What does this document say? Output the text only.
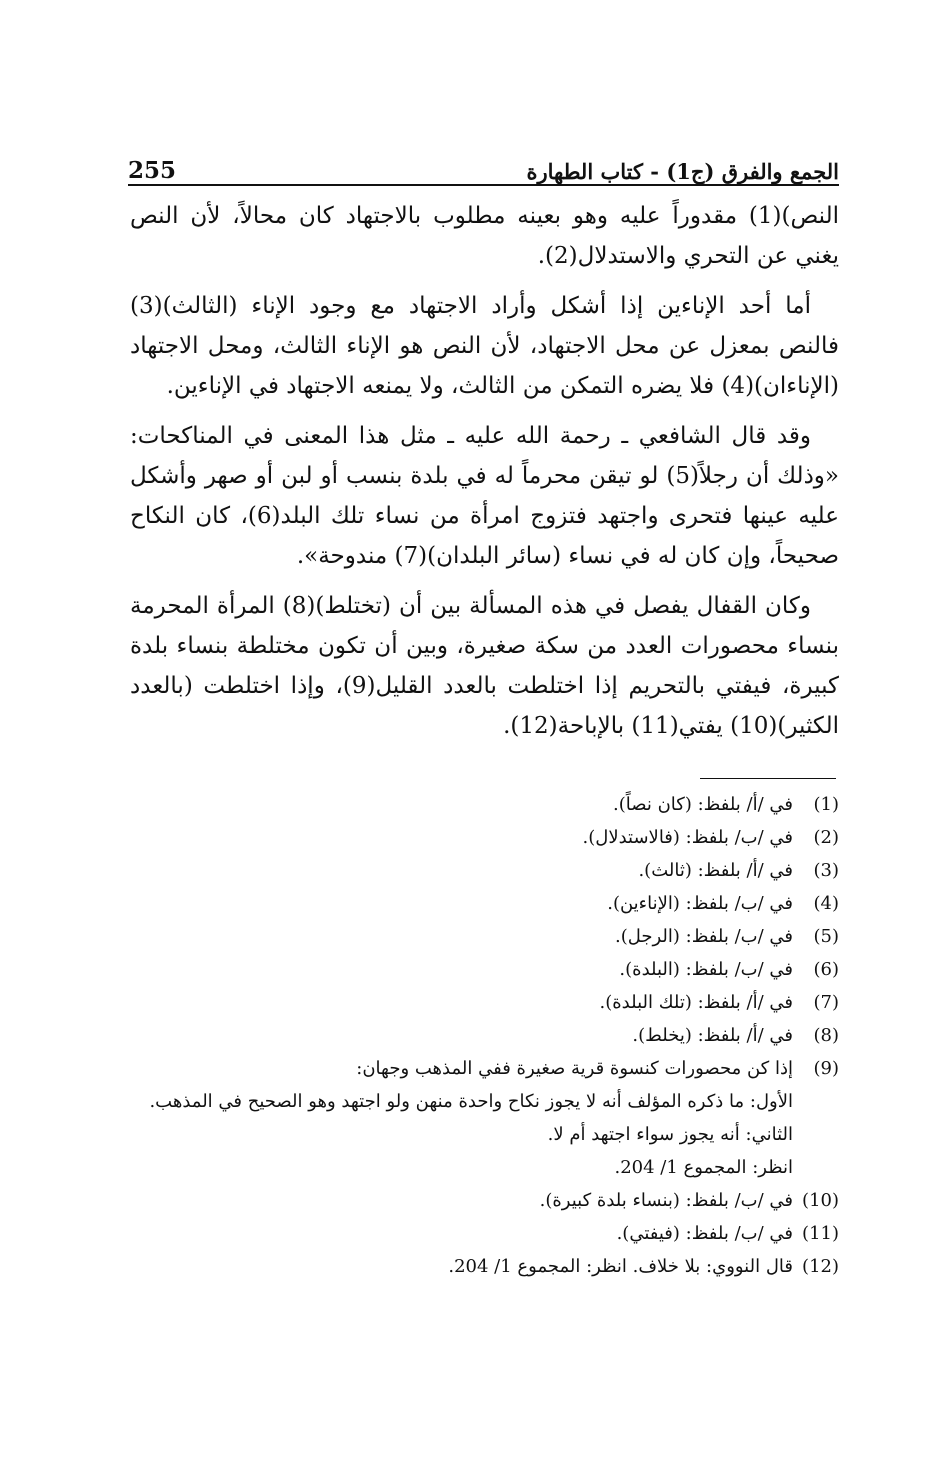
255	الجمع والفرق (ج1) - كتاب الطهارة

النص)(1) مقدوراً عليه وهو بعينه مطلوب بالاجتهاد كان محالاً، لأن النص يغني عن التحري والاستدلال(2).

أما أحد الإناءين إذا أشكل وأراد الاجتهاد مع وجود الإناء (الثالث)(3) فالنص بمعزل عن محل الاجتهاد، لأن النص هو الإناء الثالث، ومحل الاجتهاد (الإناءان)(4) فلا يضره التمكن من الثالث، ولا يمنعه الاجتهاد في الإناءين.

وقد قال الشافعي ـ رحمة الله عليه ـ مثل هذا المعنى في المناكحات: «وذلك أن رجلاً(5) لو تيقن محرماً له في بلدة بنسب أو لبن أو صهر وأشكل عليه عينها فتحرى واجتهد فتزوج امرأة من نساء تلك البلد(6)، كان النكاح صحيحاً، وإن كان له في نساء (سائر البلدان)(7) مندوحة».

وكان القفال يفصل في هذه المسألة بين أن (تختلط)(8) المرأة المحرمة بنساء محصورات العدد من سكة صغيرة، وبين أن تكون مختلطة بنساء بلدة كبيرة، فيفتي بالتحريم إذا اختلطت بالعدد القليل(9)، وإذا اختلطت (بالعدد الكثير)(10) يفتي(11) بالإباحة(12).

(1)
في /أ/ بلفظ: (كان نصاً).
(2)
في /ب/ بلفظ: (فالاستدلال).
(3)
في /أ/ بلفظ: (ثالث).
(4)
في /ب/ بلفظ: (الإناءين).
(5)
في /ب/ بلفظ: (الرجل).
(6)
في /ب/ بلفظ: (البلدة).
(7)
في /أ/ بلفظ: (تلك البلدة).
(8)
في /أ/ بلفظ: (يخلط).
(9)
إذا كن محصورات كنسوة قرية صغيرة ففي المذهب وجهان:
الأول: ما ذكره المؤلف أنه لا يجوز نكاح واحدة منهن ولو اجتهد وهو الصحيح في المذهب.
الثاني: أنه يجوز سواء اجتهد أم لا.
انظر: المجموع 1/ 204.
(10)
في /ب/ بلفظ: (بنساء بلدة كبيرة).
(11)
في /ب/ بلفظ: (فيفتي).
(12)
قال النووي: بلا خلاف. انظر: المجموع 1/ 204.
